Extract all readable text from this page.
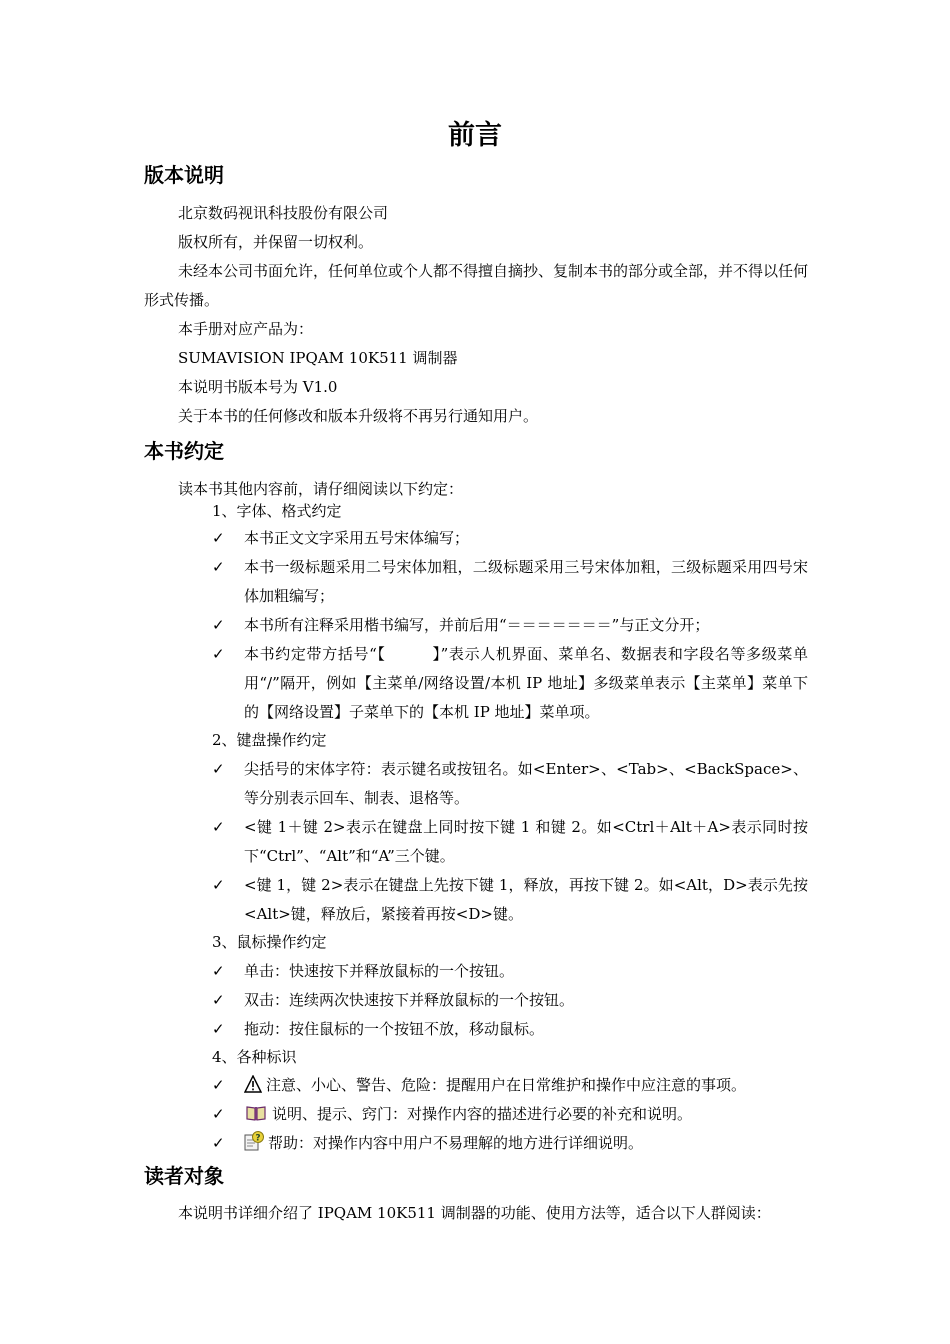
前言
版本说明
北京数码视讯科技股份有限公司
版权所有，并保留一切权利。
未经本公司书面允许，任何单位或个人都不得擅自摘抄、复制本书的部分或全部，并不得以任何形式传播。
本手册对应产品为：
SUMAVISION IPQAM 10K511 调制器
本说明书版本号为 V1.0
关于本书的任何修改和版本升级将不再另行通知用户。
本书约定
读本书其他内容前，请仔细阅读以下约定：
1、字体、格式约定
✓	本书正文文字采用五号宋体编写；
✓	本书一级标题采用二号宋体加粗，二级标题采用三号宋体加粗，三级标题采用四号宋体加粗编写；
✓	本书所有注释采用楷书编写，并前后用“＝＝＝＝＝＝＝”与正文分开；
✓	本书约定带方括号“【　　　】”表示人机界面、菜单名、数据表和字段名等多级菜单用“/”隔开，例如【主菜单/网络设置/本机 IP 地址】多级菜单表示【主菜单】菜单下的【网络设置】子菜单下的【本机 IP 地址】菜单项。
2、键盘操作约定
✓	尖括号的宋体字符：表示键名或按钮名。如<Enter>、<Tab>、<BackSpace>、等分别表示回车、制表、退格等。
✓	<键 1＋键 2>表示在键盘上同时按下键 1 和键 2。如<Ctrl＋Alt＋A>表示同时按下“Ctrl”、“Alt”和“A”三个键。
✓	<键 1，键 2>表示在键盘上先按下键 1，释放，再按下键 2。如<Alt，D>表示先按<Alt>键，释放后，紧接着再按<D>键。
3、鼠标操作约定
✓	单击：快速按下并释放鼠标的一个按钮。
✓	双击：连续两次快速按下并释放鼠标的一个按钮。
✓	拖动：按住鼠标的一个按钮不放，移动鼠标。
4、各种标识
✓	注意、小心、警告、危险：提醒用户在日常维护和操作中应注意的事项。
✓	说明、提示、窍门：对操作内容的描述进行必要的补充和说明。
✓	? 帮助：对操作内容中用户不易理解的地方进行详细说明。
读者对象
本说明书详细介绍了 IPQAM 10K511 调制器的功能、使用方法等，适合以下人群阅读：
